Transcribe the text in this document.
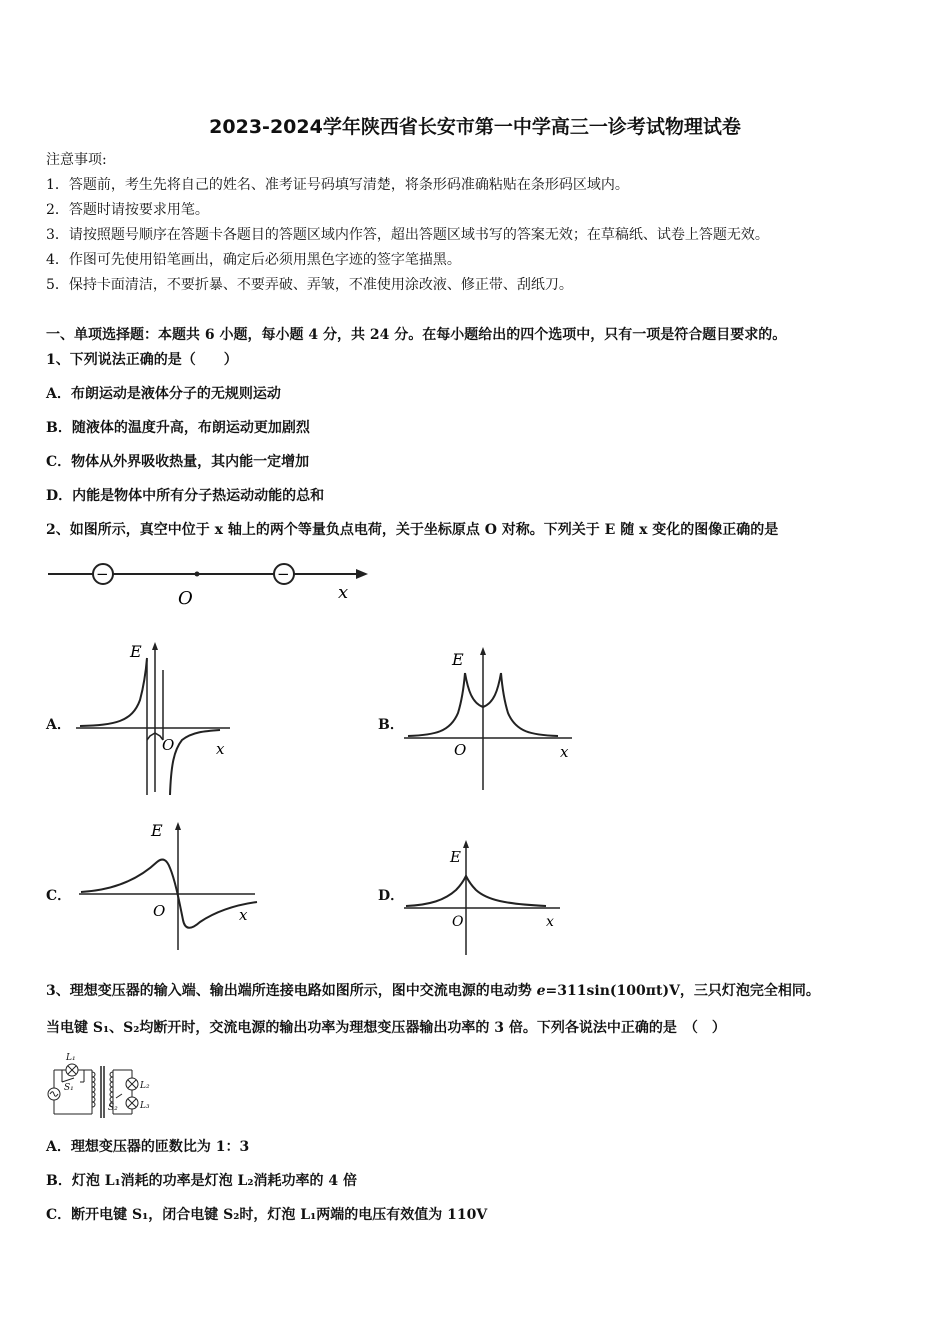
2023-2024学年陕西省长安市第一中学高三一诊考试物理试卷
注意事项:
1．答题前，考生先将自己的姓名、准考证号码填写清楚，将条形码准确粘贴在条形码区域内。
2．答题时请按要求用笔。
3．请按照题号顺序在答题卡各题目的答题区域内作答，超出答题区域书写的答案无效；在草稿纸、试卷上答题无效。
4．作图可先使用铅笔画出，确定后必须用黑色字迹的签字笔描黑。
5．保持卡面清洁，不要折暴、不要弄破、弄皱，不准使用涂改液、修正带、刮纸刀。
一、单项选择题：本题共 6 小题，每小题 4 分，共 24 分。在每小题给出的四个选项中，只有一项是符合题目要求的。
1、下列说法正确的是（　　）
A．布朗运动是液体分子的无规则运动
B．随液体的温度升高，布朗运动更加剧烈
C．物体从外界吸收热量，其内能一定增加
D．内能是物体中所有分子热运动动能的总和
2、如图所示，真空中位于 x 轴上的两个等量负点电荷，关于坐标原点 O 对称。下列关于 E 随 x 变化的图像正确的是
−	−
O	x
A．
E
O	x
B．
E
O	x
C．
E
O	x
D．
E
O	x
3、理想变压器的输入端、输出端所连接电路如图所示，图中交流电源的电动势 e=311sin(100πt)V，三只灯泡完全相同。
当电键 S₁、S₂均断开时，交流电源的输出功率为理想变压器输出功率的 3 倍。下列各说法中正确的是　（　）
L₁
S₁	L₂
S₂ L₃
A．理想变压器的匝数比为 1：3
B．灯泡 L₁消耗的功率是灯泡 L₂消耗功率的 4 倍
C．断开电键 S₁，闭合电键 S₂时，灯泡 L₁两端的电压有效值为 110V
